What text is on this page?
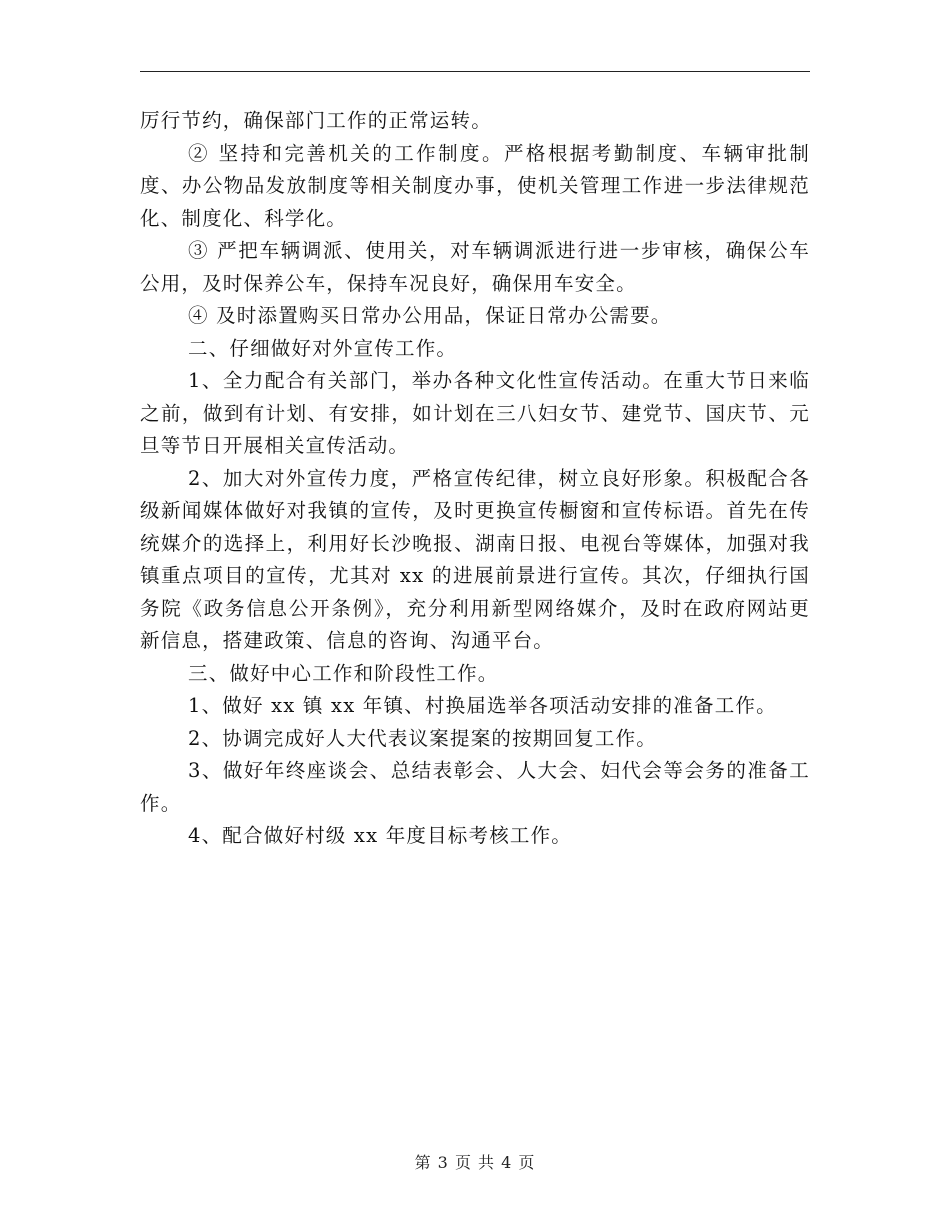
厉行节约，确保部门工作的正常运转。

② 坚持和完善机关的工作制度。严格根据考勤制度、车辆审批制度、办公物品发放制度等相关制度办事，使机关管理工作进一步法律规范化、制度化、科学化。

③ 严把车辆调派、使用关，对车辆调派进行进一步审核，确保公车公用，及时保养公车，保持车况良好，确保用车安全。

④ 及时添置购买日常办公用品，保证日常办公需要。

二、仔细做好对外宣传工作。

1、全力配合有关部门，举办各种文化性宣传活动。在重大节日来临之前，做到有计划、有安排，如计划在三八妇女节、建党节、国庆节、元旦等节日开展相关宣传活动。

2、加大对外宣传力度，严格宣传纪律，树立良好形象。积极配合各级新闻媒体做好对我镇的宣传，及时更换宣传橱窗和宣传标语。首先在传统媒介的选择上，利用好长沙晚报、湖南日报、电视台等媒体，加强对我镇重点项目的宣传，尤其对 xx 的进展前景进行宣传。其次，仔细执行国务院《政务信息公开条例》，充分利用新型网络媒介，及时在政府网站更新信息，搭建政策、信息的咨询、沟通平台。

三、做好中心工作和阶段性工作。

1、做好 xx 镇 xx 年镇、村换届选举各项活动安排的准备工作。

2、协调完成好人大代表议案提案的按期回复工作。

3、做好年终座谈会、总结表彰会、人大会、妇代会等会务的准备工作。

4、配合做好村级 xx 年度目标考核工作。

第 3 页 共 4 页
